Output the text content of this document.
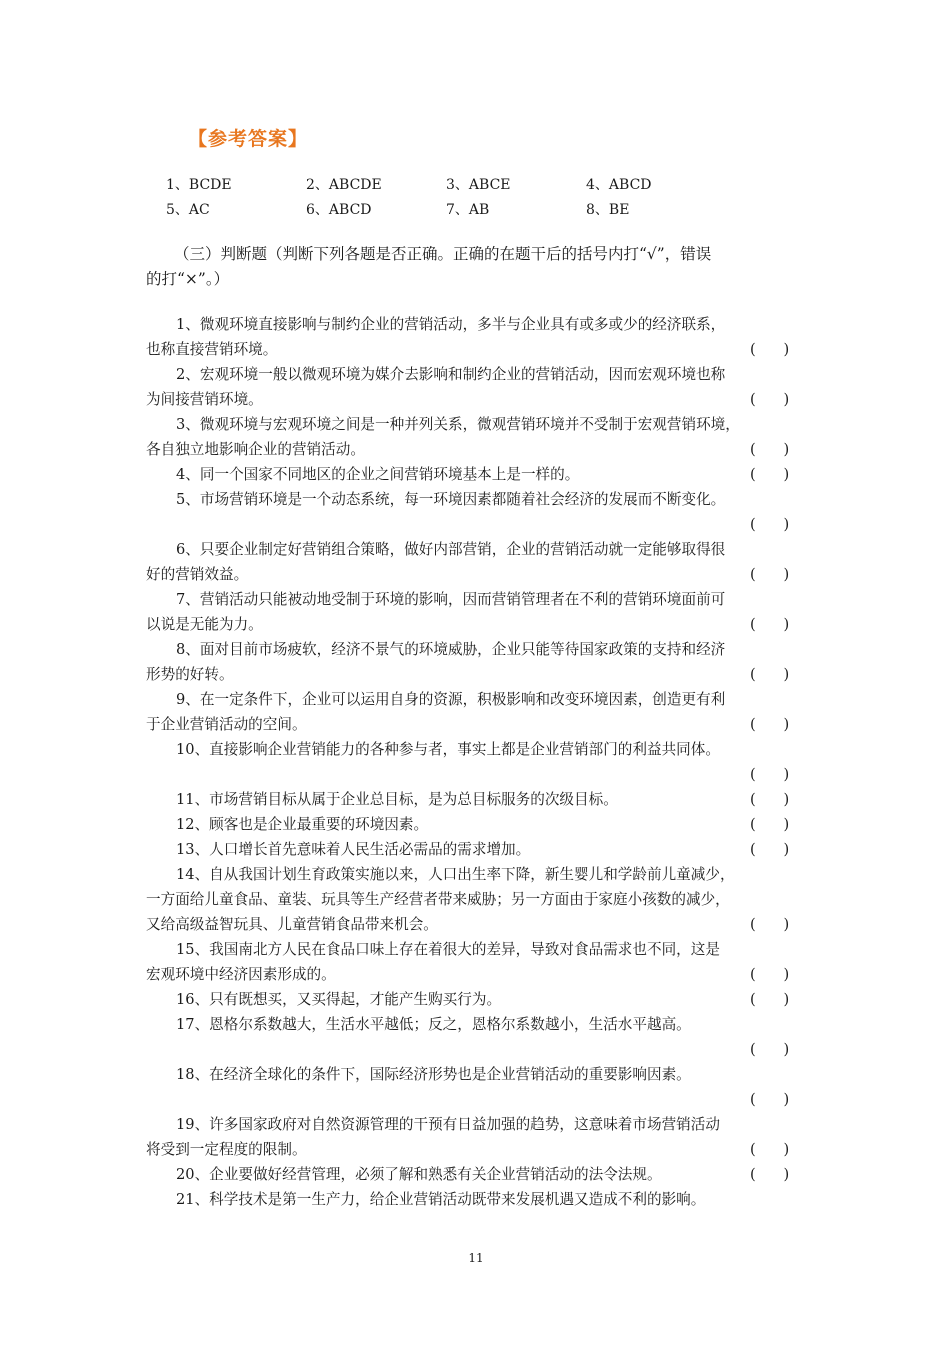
【参考答案】
1、BCDE	2、ABCDE	3、ABCE	4、ABCD
5、AC	6、ABCD	7、AB	8、BE
（三）判断题（判断下列各题是否正确。正确的在题干后的括号内打“√”，错误
的打“×”。）
1、微观环境直接影响与制约企业的营销活动，多半与企业具有或多或少的经济联系，
也称直接营销环境。	(      )
2、宏观环境一般以微观环境为媒介去影响和制约企业的营销活动，因而宏观环境也称
为间接营销环境。	(      )
3、微观环境与宏观环境之间是一种并列关系，微观营销环境并不受制于宏观营销环境，
各自独立地影响企业的营销活动。	(      )
4、同一个国家不同地区的企业之间营销环境基本上是一样的。	(      )
5、市场营销环境是一个动态系统，每一环境因素都随着社会经济的发展而不断变化。
(      )
6、只要企业制定好营销组合策略，做好内部营销，企业的营销活动就一定能够取得很
好的营销效益。	(      )
7、营销活动只能被动地受制于环境的影响，因而营销管理者在不利的营销环境面前可
以说是无能为力。	(      )
8、面对目前市场疲软，经济不景气的环境威胁，企业只能等待国家政策的支持和经济
形势的好转。	(      )
9、在一定条件下，企业可以运用自身的资源，积极影响和改变环境因素，创造更有利
于企业营销活动的空间。	(      )
10、直接影响企业营销能力的各种参与者，事实上都是企业营销部门的利益共同体。
(      )
11、市场营销目标从属于企业总目标，是为总目标服务的次级目标。	(      )
12、顾客也是企业最重要的环境因素。	(      )
13、人口增长首先意味着人民生活必需品的需求增加。	(      )
14、自从我国计划生育政策实施以来，人口出生率下降，新生婴儿和学龄前儿童减少，
一方面给儿童食品、童装、玩具等生产经营者带来威胁；另一方面由于家庭小孩数的减少，
又给高级益智玩具、儿童营销食品带来机会。	(      )
15、我国南北方人民在食品口味上存在着很大的差异，导致对食品需求也不同，这是
宏观环境中经济因素形成的。	(      )
16、只有既想买，又买得起，才能产生购买行为。	(      )
17、恩格尔系数越大，生活水平越低；反之，恩格尔系数越小，生活水平越高。
(      )
18、在经济全球化的条件下，国际经济形势也是企业营销活动的重要影响因素。
(      )
19、许多国家政府对自然资源管理的干预有日益加强的趋势，这意味着市场营销活动
将受到一定程度的限制。	(      )
20、企业要做好经营管理，必须了解和熟悉有关企业营销活动的法令法规。	(      )
21、科学技术是第一生产力，给企业营销活动既带来发展机遇又造成不利的影响。
11
